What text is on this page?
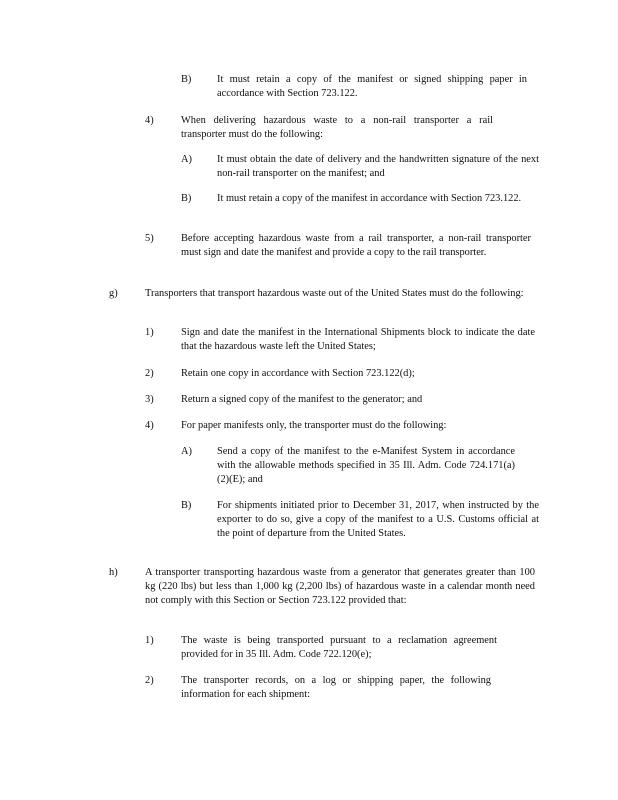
B) It must retain a copy of the manifest or signed shipping paper in accordance with Section 723.122.
4)	When delivering hazardous waste to a non-rail transporter a rail transporter must do the following:
A) It must obtain the date of delivery and the handwritten signature of the next non-rail transporter on the manifest; and
B) It must retain a copy of the manifest in accordance with Section 723.122.
5)	Before accepting hazardous waste from a rail transporter, a non-rail transporter must sign and date the manifest and provide a copy to the rail transporter.
g)	Transporters that transport hazardous waste out of the United States must do the following:
1)	Sign and date the manifest in the International Shipments block to indicate the date that the hazardous waste left the United States;
2)	Retain one copy in accordance with Section 723.122(d);
3)	Return a signed copy of the manifest to the generator; and
4)	For paper manifests only, the transporter must do the following:
A) Send a copy of the manifest to the e-Manifest System in accordance with the allowable methods specified in 35 Ill. Adm. Code 724.171(a)(2)(E); and
B) For shipments initiated prior to December 31, 2017, when instructed by the exporter to do so, give a copy of the manifest to a U.S. Customs official at the point of departure from the United States.
h)	A transporter transporting hazardous waste from a generator that generates greater than 100 kg (220 lbs) but less than 1,000 kg (2,200 lbs) of hazardous waste in a calendar month need not comply with this Section or Section 723.122 provided that:
1)	The waste is being transported pursuant to a reclamation agreement provided for in 35 Ill. Adm. Code 722.120(e);
2)	The transporter records, on a log or shipping paper, the following information for each shipment:
